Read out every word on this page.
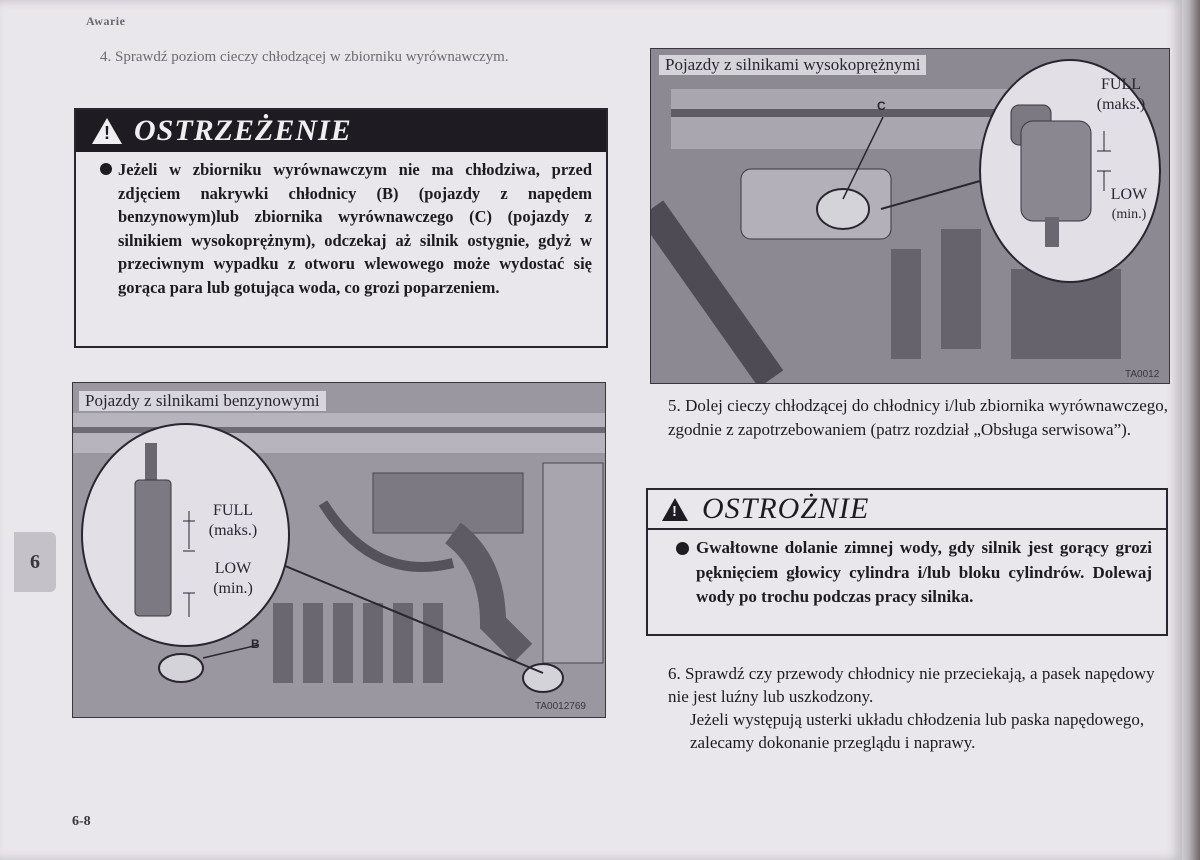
Awarie
4. Sprawdź poziom cieczy chłodzącej w zbiorniku wyrównawczym.
!
OSTRZEŻENIE
Jeżeli w zbiorniku wyrównawczym nie ma chłodziwa, przed zdjęciem nakrywki chłodnicy (B) (pojazdy z napędem benzynowym)lub zbiornika wyrównawczego (C) (pojazdy z silnikiem wysokoprężnym), odczekaj aż silnik ostygnie, gdyż w przeciwnym wypadku z otworu wlewowego może wydostać się gorąca para lub gotująca woda, co grozi poparzeniem.
Pojazdy z silnikami benzynowymi
FULL
(maks.)
LOW
(min.)
B
TA0012769
Pojazdy z silnikami wysokoprężnymi
C
FULL
(maks.)
LOW
(min.)
TA0012
5. Dolej cieczy chłodzącej do chłodnicy i/lub zbiornika wyrównawczego, zgodnie z zapotrzebowaniem (patrz rozdział „Obsługa serwisowa”).
!
OSTROŻNIE
Gwałtowne dolanie zimnej wody, gdy silnik jest gorący grozi pęknięciem głowicy cylindra i/lub bloku cylindrów. Dolewaj wody po trochu podczas pracy silnika.
6. Sprawdź czy przewody chłodnicy nie przeciekają, a pasek napędowy nie jest luźny lub uszkodzony.
Jeżeli występują usterki układu chłodzenia lub paska napędowego, zalecamy dokonanie przeglądu i naprawy.
6
6-8
